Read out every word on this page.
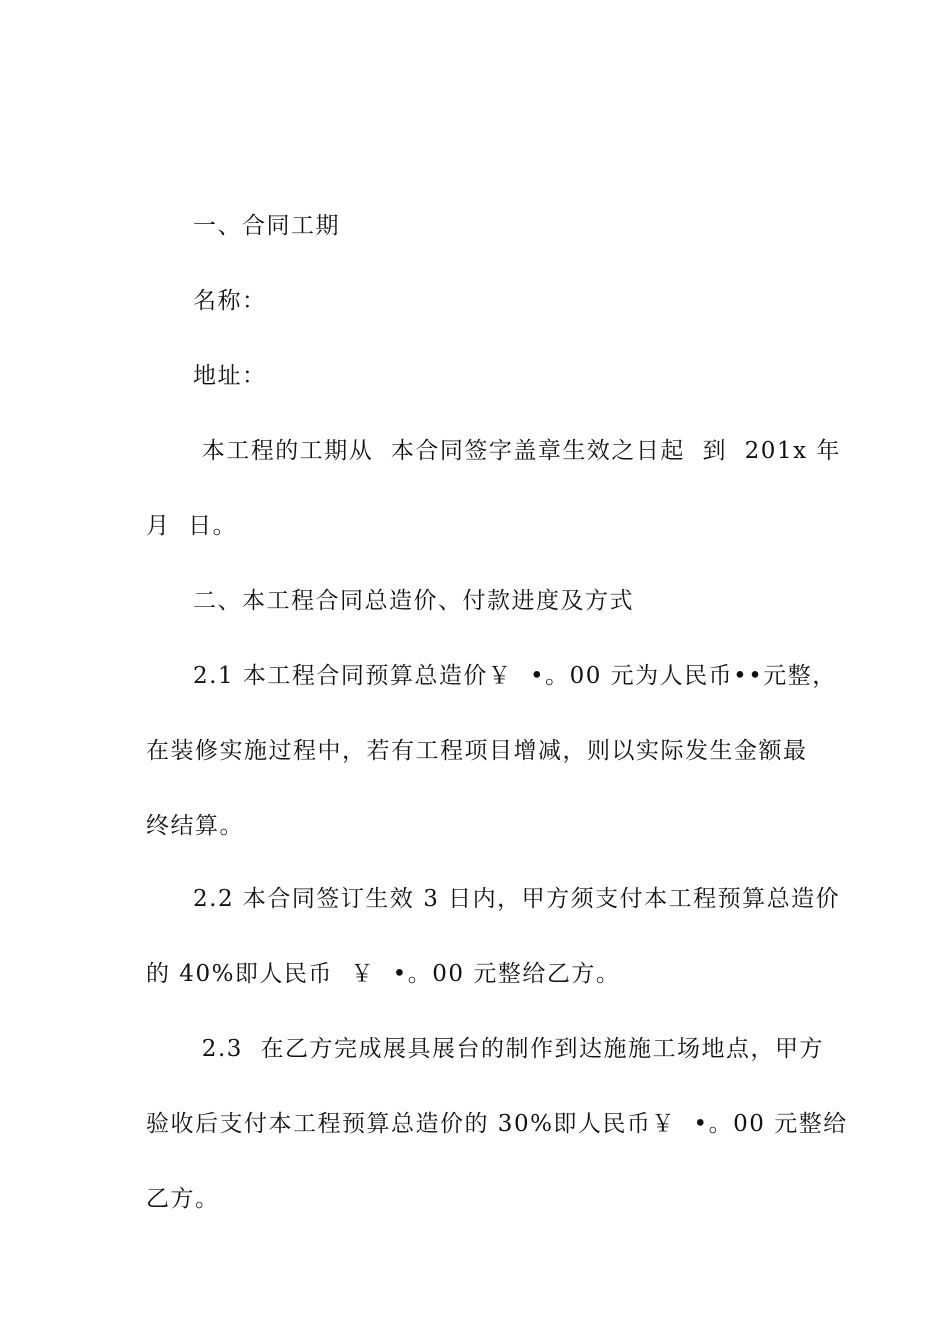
一、合同工期
名称：
地址：
本工程的工期从  本合同签字盖章生效之日起  到  201x 年
月  日。
二、本工程合同总造价、付款进度及方式
2.1 本工程合同预算总造价￥  •。00 元为人民币••元整，
在装修实施过程中，若有工程项目增减，则以实际发生金额最
终结算。
2.2 本合同签订生效 3 日内，甲方须支付本工程预算总造价
的 40%即人民币  ￥  •。00 元整给乙方。
2.3  在乙方完成展具展台的制作到达施施工场地点，甲方
验收后支付本工程预算总造价的 30%即人民币￥  •。00 元整给
乙方。
